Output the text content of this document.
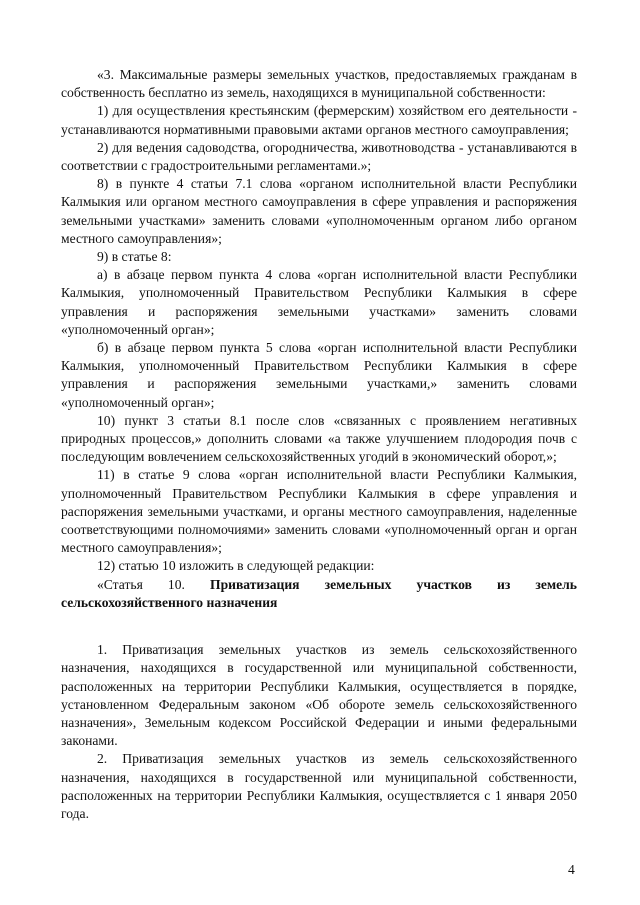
«3. Максимальные размеры земельных участков, предоставляемых гражданам в собственность бесплатно из земель, находящихся в муниципальной собственности:

1) для осуществления крестьянским (фермерским) хозяйством его деятельности - устанавливаются нормативными правовыми актами органов местного самоуправления;

2) для ведения садоводства, огородничества, животноводства - устанавливаются в соответствии с градостроительными регламентами.»;

8) в пункте 4 статьи 7.1 слова «органом исполнительной власти Республики Калмыкия или органом местного самоуправления в сфере управления и распоряжения земельными участками» заменить словами «уполномоченным органом либо органом местного самоуправления»;

9) в статье 8:

а) в абзаце первом пункта 4 слова «орган исполнительной власти Республики Калмыкия, уполномоченный Правительством Республики Калмыкия в сфере управления и распоряжения земельными участками» заменить словами «уполномоченный орган»;

б) в абзаце первом пункта 5 слова «орган исполнительной власти Республики Калмыкия, уполномоченный Правительством Республики Калмыкия в сфере управления и распоряжения земельными участками,» заменить словами «уполномоченный орган»;

10) пункт 3 статьи 8.1 после слов «связанных с проявлением негативных природных процессов,» дополнить словами «а также улучшением плодородия почв с последующим вовлечением сельскохозяйственных угодий в экономический оборот,»;

11) в статье 9 слова «орган исполнительной власти Республики Калмыкия, уполномоченный Правительством Республики Калмыкия в сфере управления и распоряжения земельными участками, и органы местного самоуправления, наделенные соответствующими полномочиями» заменить словами «уполномоченный орган и орган местного самоуправления»;

12) статью 10 изложить в следующей редакции:

«Статья 10. Приватизация земельных участков из земель сельскохозяйственного назначения

1. Приватизация земельных участков из земель сельскохозяйственного назначения, находящихся в государственной или муниципальной собственности, расположенных на территории Республики Калмыкия, осуществляется в порядке, установленном Федеральным законом «Об обороте земель сельскохозяйственного назначения», Земельным кодексом Российской Федерации и иными федеральными законами.

2. Приватизация земельных участков из земель сельскохозяйственного назначения, находящихся в государственной или муниципальной собственности, расположенных на территории Республики Калмыкия, осуществляется с 1 января 2050 года.

4
